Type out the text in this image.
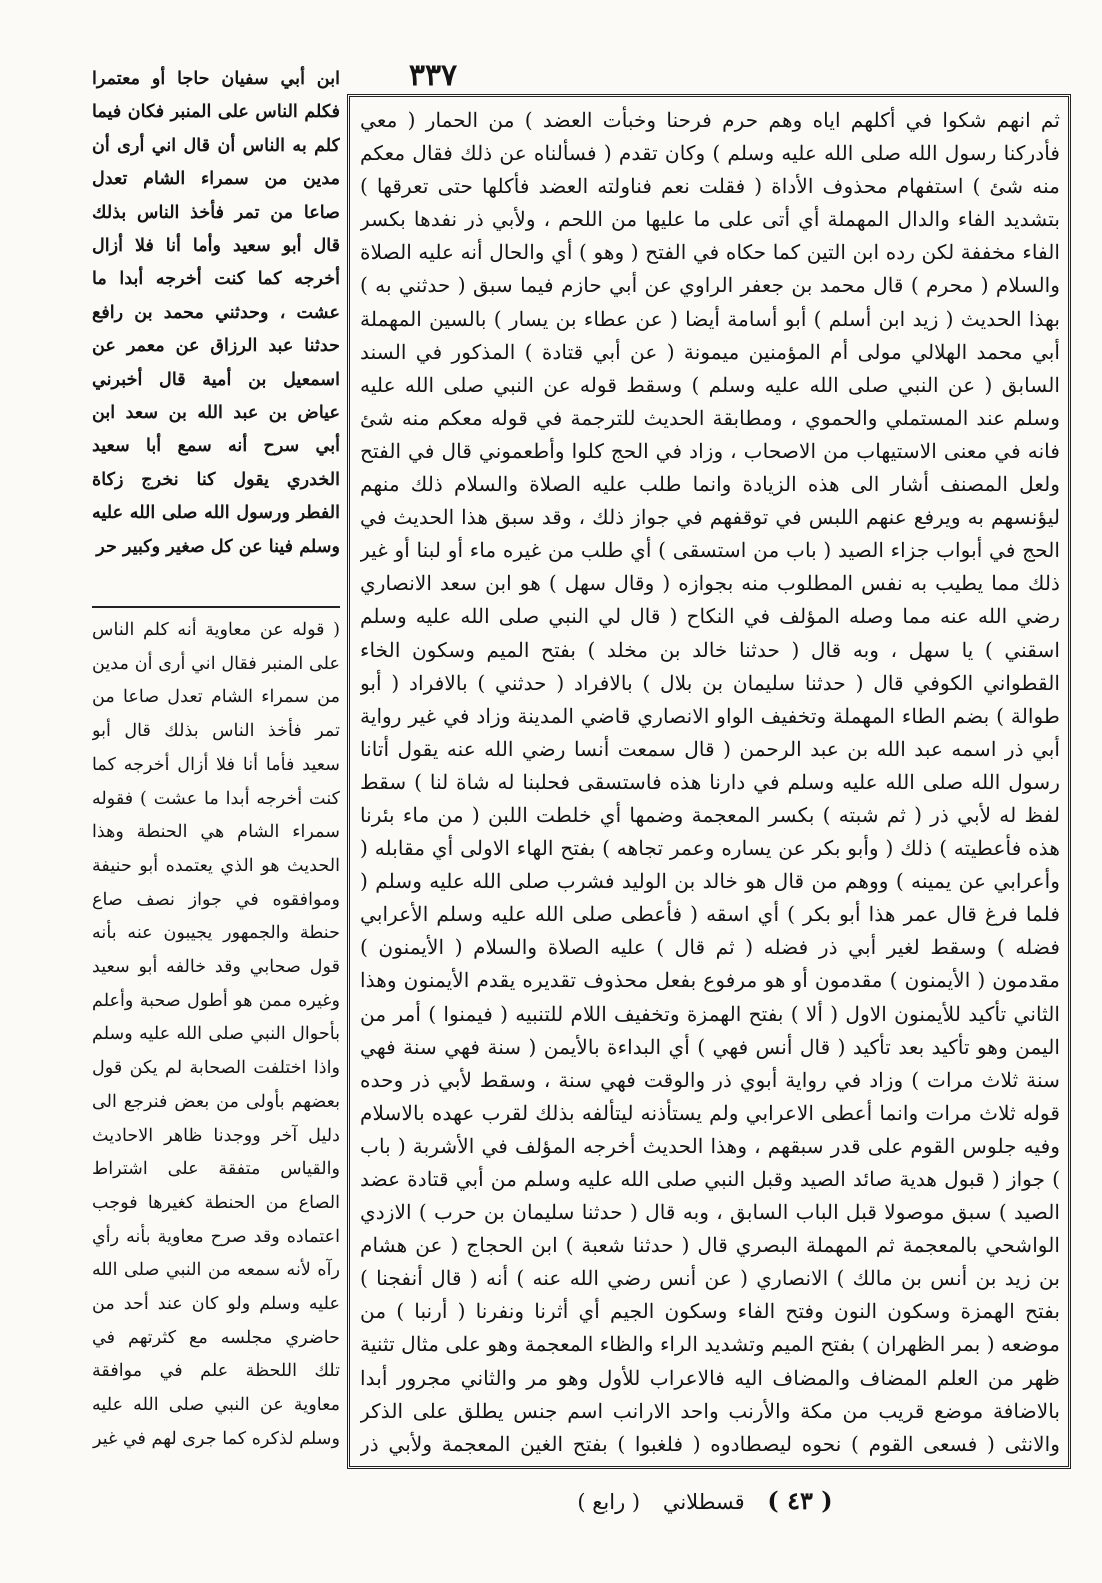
٣٣٧
ثم انهم شكوا في أكلهم اياه وهم حرم فرحنا وخبأت العضد ) من الحمار ( معي فأدركنا رسول الله صلى الله عليه وسلم ) وكان تقدم ( فسألناه عن ذلك فقال معكم منه شئ ) استفهام محذوف الأداة ( فقلت نعم فناولته العضد فأكلها حتى تعرقها ) بتشديد الفاء والدال المهملة أي أتى على ما عليها من اللحم ، ولأبي ذر نفدها بكسر الفاء مخففة لكن رده ابن التين كما حكاه في الفتح ( وهو ) أي والحال أنه عليه الصلاة والسلام ( محرم ) قال محمد بن جعفر الراوي عن أبي حازم فيما سبق ( حدثني به ) بهذا الحديث ( زيد ابن أسلم ) أبو أسامة أيضا ( عن عطاء بن يسار ) بالسين المهملة أبي محمد الهلالي مولى أم المؤمنين ميمونة ( عن أبي قتادة ) المذكور في السند السابق ( عن النبي صلى الله عليه وسلم ) وسقط قوله عن النبي صلى الله عليه وسلم عند المستملي والحموي ، ومطابقة الحديث للترجمة في قوله معكم منه شئ فانه في معنى الاستيهاب من الاصحاب ، وزاد في الحج كلوا وأطعموني قال في الفتح ولعل المصنف أشار الى هذه الزيادة وانما طلب عليه الصلاة والسلام ذلك منهم ليؤنسهم به ويرفع عنهم اللبس في توقفهم في جواز ذلك ، وقد سبق هذا الحديث في الحج في أبواب جزاء الصيد ( باب من استسقى ) أي طلب من غيره ماء أو لبنا أو غير ذلك مما يطيب به نفس المطلوب منه بجوازه ( وقال سهل ) هو ابن سعد الانصاري رضي الله عنه مما وصله المؤلف في النكاح ( قال لي النبي صلى الله عليه وسلم اسقني ) يا سهل ، وبه قال ( حدثنا خالد بن مخلد ) بفتح الميم وسكون الخاء القطواني الكوفي قال ( حدثنا سليمان بن بلال ) بالافراد ( حدثني ) بالافراد ( أبو طوالة ) بضم الطاء المهملة وتخفيف الواو الانصاري قاضي المدينة وزاد في غير رواية أبي ذر اسمه عبد الله بن عبد الرحمن ( قال سمعت أنسا رضي الله عنه يقول أتانا رسول الله صلى الله عليه وسلم في دارنا هذه فاستسقى فحلبنا له شاة لنا ) سقط لفظ له لأبي ذر ( ثم شبته ) بكسر المعجمة وضمها أي خلطت اللبن ( من ماء بئرنا هذه فأعطيته ) ذلك ( وأبو بكر عن يساره وعمر تجاهه ) بفتح الهاء الاولى أي مقابله ( وأعرابي عن يمينه ) ووهم من قال هو خالد بن الوليد فشرب صلى الله عليه وسلم ( فلما فرغ قال عمر هذا أبو بكر ) أي اسقه ( فأعطى صلى الله عليه وسلم الأعرابي فضله ) وسقط لغير أبي ذر فضله ( ثم قال ) عليه الصلاة والسلام ( الأيمنون ) مقدمون ( الأيمنون ) مقدمون أو هو مرفوع بفعل محذوف تقديره يقدم الأيمنون وهذا الثاني تأكيد للأيمنون الاول ( ألا ) بفتح الهمزة وتخفيف اللام للتنبيه ( فيمنوا ) أمر من اليمن وهو تأكيد بعد تأكيد ( قال أنس فهي ) أي البداءة بالأيمن ( سنة فهي سنة فهي سنة ثلاث مرات ) وزاد في رواية أبوي ذر والوقت فهي سنة ، وسقط لأبي ذر وحده قوله ثلاث مرات وانما أعطى الاعرابي ولم يستأذنه ليتألفه بذلك لقرب عهده بالاسلام وفيه جلوس القوم على قدر سبقهم ، وهذا الحديث أخرجه المؤلف في الأشربة ( باب ) جواز ( قبول هدية صائد الصيد وقبل النبي صلى الله عليه وسلم من أبي قتادة عضد الصيد ) سبق موصولا قبل الباب السابق ، وبه قال ( حدثنا سليمان بن حرب ) الازدي الواشحي بالمعجمة ثم المهملة البصري قال ( حدثنا شعبة ) ابن الحجاج ( عن هشام بن زيد بن أنس بن مالك ) الانصاري ( عن أنس رضي الله عنه ) أنه ( قال أنفجنا ) بفتح الهمزة وسكون النون وفتح الفاء وسكون الجيم أي أثرنا ونفرنا ( أرنبا ) من موضعه ( بمر الظهران ) بفتح الميم وتشديد الراء والظاء المعجمة وهو على مثال تثنية ظهر من العلم المضاف والمضاف اليه فالاعراب للأول وهو مر والثاني مجرور أبدا بالاضافة موضع قريب من مكة والأرنب واحد الارانب اسم جنس يطلق على الذكر والانثى ( فسعى القوم ) نحوه ليصطادوه ( فلغبوا ) بفتح الغين المعجمة ولأبي ذر
ابن أبي سفيان حاجا أو معتمرا فكلم الناس على المنبر فكان فيما كلم به الناس أن قال اني أرى أن مدين من سمراء الشام تعدل صاعا من تمر فأخذ الناس بذلك قال أبو سعيد وأما أنا فلا أزال أخرجه كما كنت أخرجه أبدا ما عشت ، وحدثني محمد بن رافع حدثنا عبد الرزاق عن معمر عن اسمعيل بن أمية قال أخبرني عياض بن عبد الله بن سعد ابن أبي سرح أنه سمع أبا سعيد الخدري يقول كنا نخرج زكاة الفطر ورسول الله صلى الله عليه وسلم فينا عن كل صغير وكبير حر
( قوله عن معاوية أنه كلم الناس على المنبر فقال اني أرى أن مدين من سمراء الشام تعدل صاعا من تمر فأخذ الناس بذلك قال أبو سعيد فأما أنا فلا أزال أخرجه كما كنت أخرجه أبدا ما عشت ) فقوله سمراء الشام هي الحنطة وهذا الحديث هو الذي يعتمده أبو حنيفة وموافقوه في جواز نصف صاع حنطة والجمهور يجيبون عنه بأنه قول صحابي وقد خالفه أبو سعيد وغيره ممن هو أطول صحبة وأعلم بأحوال النبي صلى الله عليه وسلم واذا اختلفت الصحابة لم يكن قول بعضهم بأولى من بعض فنرجع الى دليل آخر ووجدنا ظاهر الاحاديث والقياس متفقة على اشتراط الصاع من الحنطة كغيرها فوجب اعتماده وقد صرح معاوية بأنه رأي رآه لأنه سمعه من النبي صلى الله عليه وسلم ولو كان عند أحد من حاضري مجلسه مع كثرتهم في تلك اللحظة علم في موافقة معاوية عن النبي صلى الله عليه وسلم لذكره كما جرى لهم في غير
( ٤٣ ) قسطلاني ( رابع )
